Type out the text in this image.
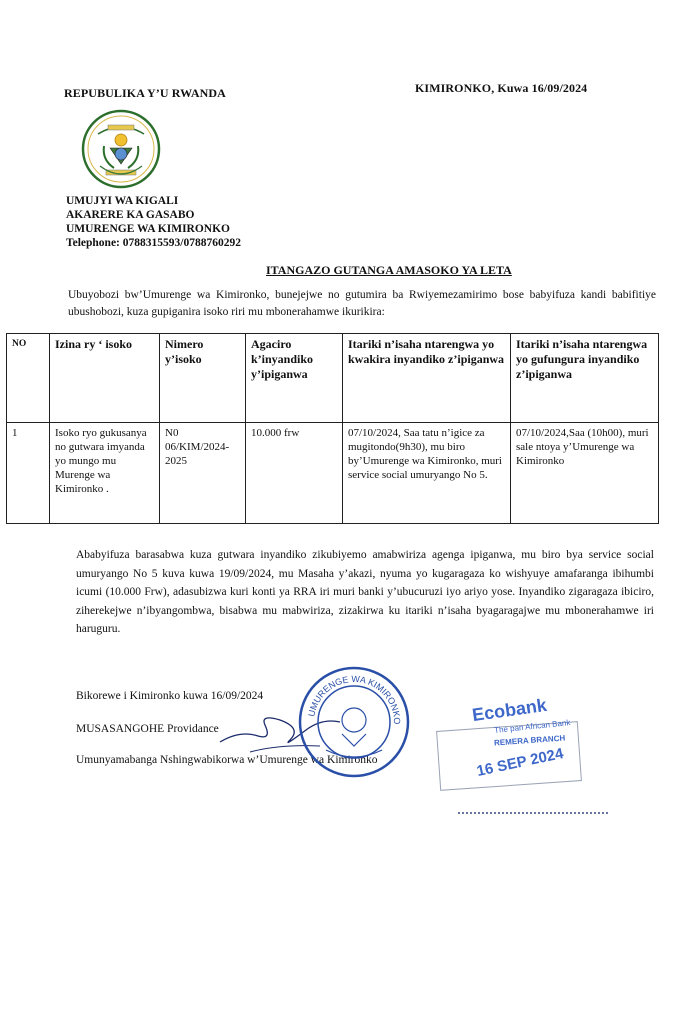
REPUBULIKA Y’U RWANDA	KIMIRONKO, Kuwa 16/09/2024
UMUJYI WA KIGALI
AKARERE KA GASABO
UMURENGE WA KIMIRONKO
Telephone: 0788315593/0788760292
ITANGAZO GUTANGA AMASOKO YA LETA
Ubuyobozi bw’Umurenge wa Kimironko, bunejejwe no gutumira ba Rwiyemezamirimo bose babyifuza kandi babifitiye ubushobozi, kuza gupiganira isoko riri mu mbonerahamwe ikurikira:
NO	Izina ry ‘ isoko	Nimero y’isoko	Agaciro k’inyandiko y’ipiganwa	Itariki n’isaha ntarengwa yo kwakira inyandiko z’ipiganwa	Itariki n’isaha ntarengwa yo gufungura inyandiko z’ipiganwa
1	Isoko ryo gukusanya no gutwara imyanda yo mungo mu Murenge wa Kimironko .	N0 06/KIM/2024-2025	10.000 frw	07/10/2024, Saa tatu n’igice za mugitondo(9h30), mu biro by’Umurenge wa Kimironko, muri service social umuryango No 5.	07/10/2024,Saa (10h00), muri sale ntoya y’Umurenge wa Kimironko
Ababyifuza barasabwa kuza gutwara inyandiko zikubiyemo amabwiriza agenga ipiganwa, mu biro bya service social umuryango No 5 kuva kuwa 19/09/2024, mu Masaha y’akazi, nyuma yo kugaragaza ko wishyuye amafaranga ibihumbi icumi (10.000 Frw), adasubizwa kuri konti ya RRA iri muri banki y’ubucuruzi iyo ariyo yose. Inyandiko zigaragaza ibiciro, ziherekejwe n’ibyangombwa, bisabwa mu mabwiriza, zizakirwa ku itariki n’isaha byagaragajwe mu mbonerahamwe iri haruguru.
Bikorewe i Kimironko kuwa 16/09/2024
MUSASANGOHE Providance
Umunyamabanga Nshingwabikorwa w’Umurenge wa Kimironko
UMURENGE WA KIMIRONKO	Ecobank
The pan African Bank
REMERA BRANCH
16 SEP 2024
